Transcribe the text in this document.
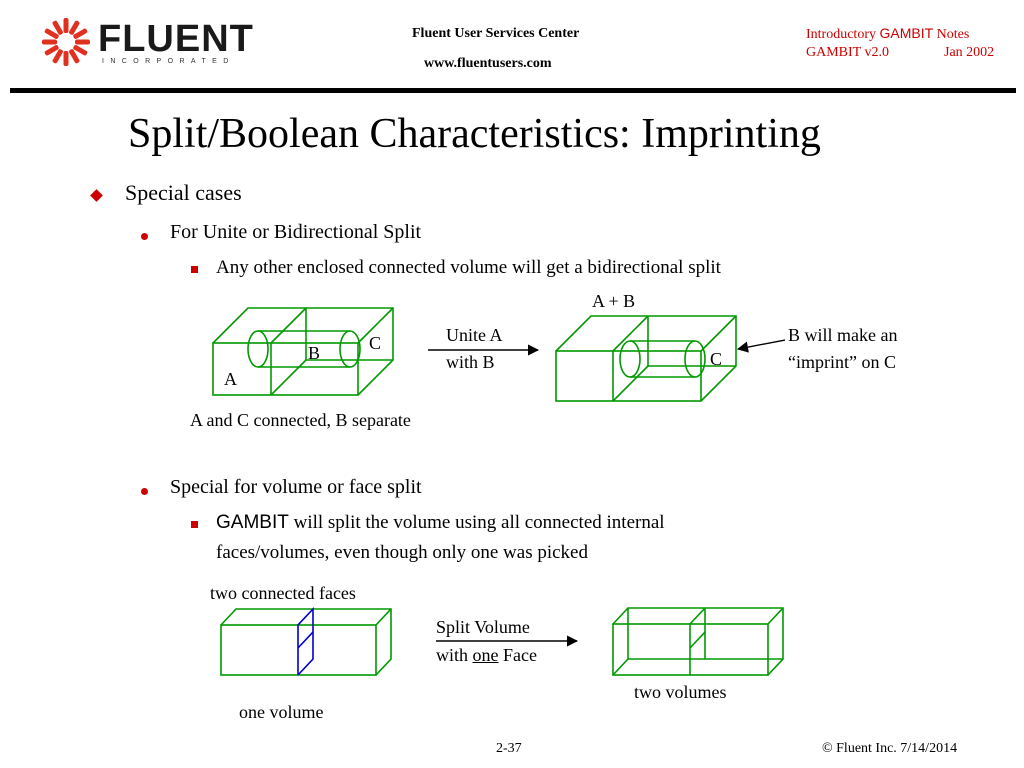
FLUENT
INCORPORATED
Fluent User Services Center
www.fluentusers.com
Introductory GAMBIT Notes
GAMBIT v2.0	Jan 2002
Split/Boolean Characteristics: Imprinting
Special cases
For Unite or Bidirectional Split
Any other enclosed connected volume will get a bidirectional split
Special for volume or face split
GAMBIT will split the volume using all connected internal
faces/volumes, even though only one was picked
A
B	C
A and C connected, B separate
Unite A
with B
A + B
C
B will make an
“imprint” on C
two connected faces
one volume
Split Volume
with one Face
two volumes
2-37	© Fluent Inc. 7/14/2014
